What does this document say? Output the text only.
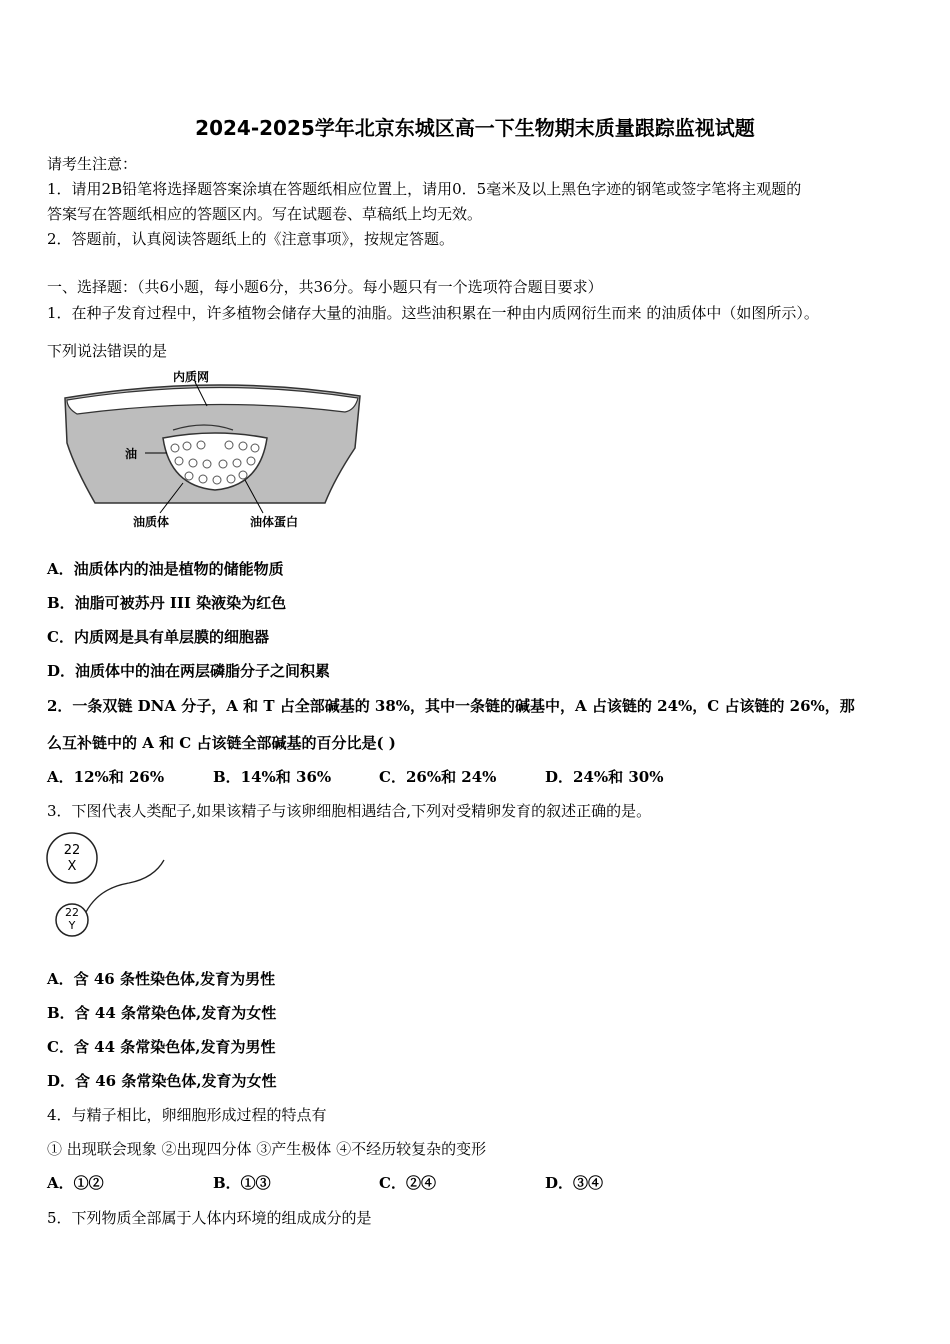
2024-2025学年北京东城区高一下生物期末质量跟踪监视试题
请考生注意：
1．请用2B铅笔将选择题答案涂填在答题纸相应位置上，请用0．5毫米及以上黑色字迹的钢笔或签字笔将主观题的
答案写在答题纸相应的答题区内。写在试题卷、草稿纸上均无效。
2．答题前，认真阅读答题纸上的《注意事项》，按规定答题。
一、选择题：（共6小题，每小题6分，共36分。每小题只有一个选项符合题目要求）
1．在种子发育过程中，许多植物会储存大量的油脂。这些油积累在一种由内质网衍生而来 的油质体中（如图所示）。
下列说法错误的是
内质网
油
油质体	油体蛋白
A．油质体内的油是植物的储能物质
B．油脂可被苏丹 III 染液染为红色
C．内质网是具有单层膜的细胞器
D．油质体中的油在两层磷脂分子之间积累
2．一条双链 DNA 分子，A 和 T 占全部碱基的 38%，其中一条链的碱基中，A 占该链的 24%，C 占该链的 26%，那
么互补链中的 A 和 C 占该链全部碱基的百分比是( )
A．12%和 26%	B．14%和 36%	C．26%和 24%	D．24%和 30%
3．下图代表人类配子,如果该精子与该卵细胞相遇结合,下列对受精卵发育的叙述正确的是。
22
X
22
Y
A．含 46 条性染色体,发育为男性
B．含 44 条常染色体,发育为女性
C．含 44 条常染色体,发育为男性
D．含 46 条常染色体,发育为女性
4．与精子相比，卵细胞形成过程的特点有
① 出现联会现象 ②出现四分体 ③产生极体 ④不经历较复杂的变形
A．①②	B．①③	C．②④	D．③④
5．下列物质全部属于人体内环境的组成成分的是
